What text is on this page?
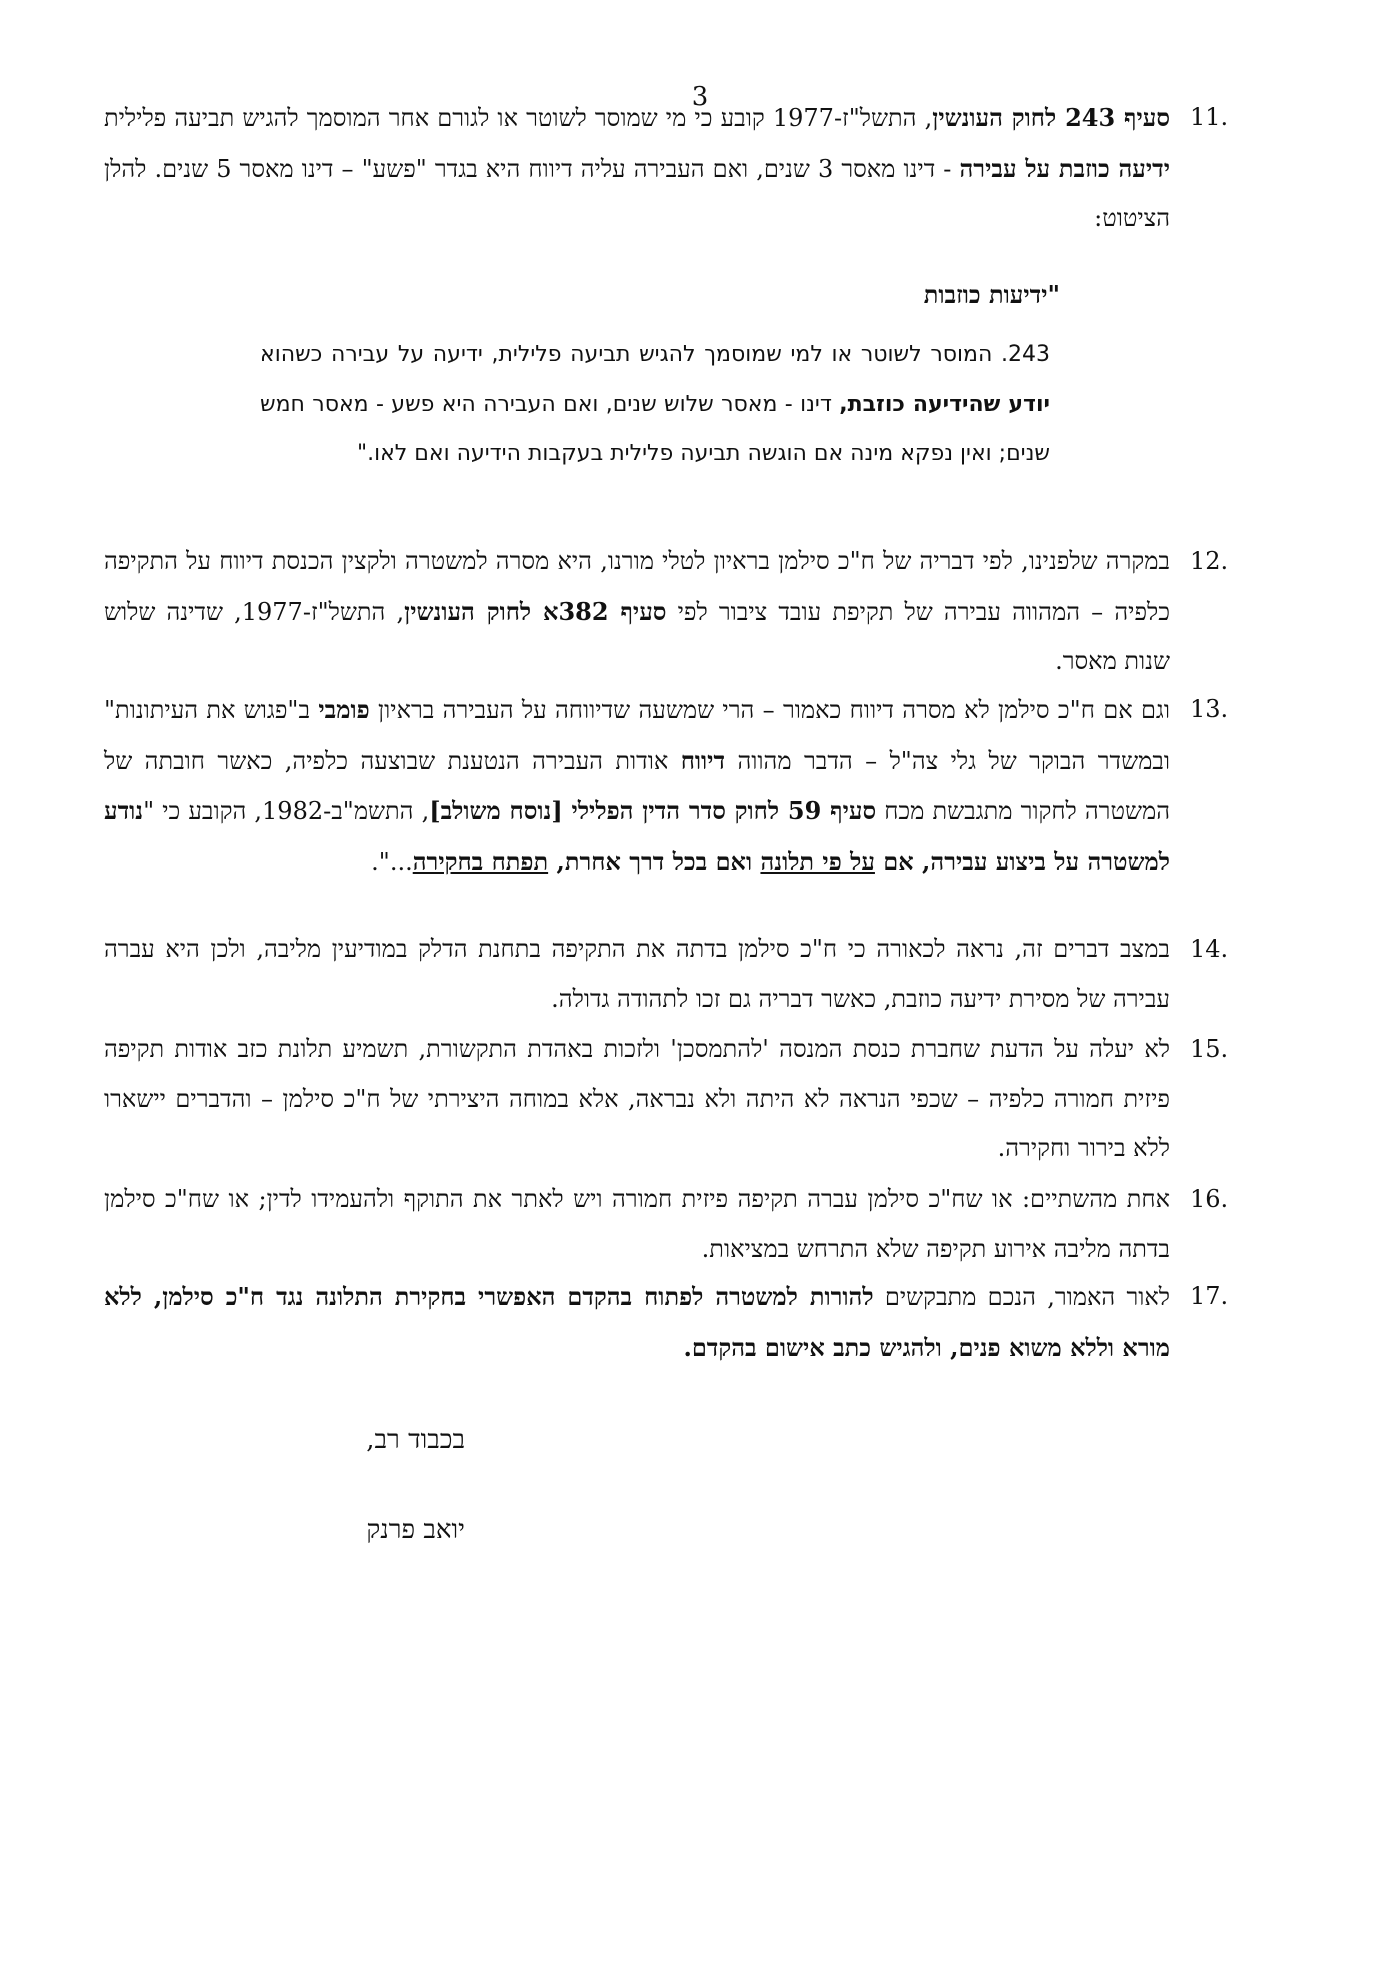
3
11.
סעיף 243 לחוק העונשין, התשל"ז-1977 קובע כי מי שמוסר לשוטר או לגורם אחר המוסמך להגיש תביעה פלילית ידיעה כוזבת על עבירה - דינו מאסר 3 שנים, ואם העבירה עליה דיווח היא בגדר "פשע" – דינו מאסר 5 שנים. להלן הציטוט:
"ידיעות כוזבות
243. המוסר לשוטר או למי שמוסמך להגיש תביעה פלילית, ידיעה על עבירה כשהוא יודע שהידיעה כוזבת, דינו - מאסר שלוש שנים, ואם העבירה היא פשע - מאסר חמש שנים; ואין נפקא מינה אם הוגשה תביעה פלילית בעקבות הידיעה ואם לאו."
12.
במקרה שלפנינו, לפי דבריה של ח"כ סילמן בראיון לטלי מורנו, היא מסרה למשטרה ולקצין הכנסת דיווח על התקיפה כלפיה – המהווה עבירה של תקיפת עובד ציבור לפי סעיף 382א לחוק העונשין, התשל"ז-1977, שדינה שלוש שנות מאסר.
13.
וגם אם ח"כ סילמן לא מסרה דיווח כאמור – הרי שמשעה שדיווחה על העבירה בראיון פומבי ב"פגוש את העיתונות" ובמשדר הבוקר של גלי צה"ל – הדבר מהווה דיווח אודות העבירה הנטענת שבוצעה כלפיה, כאשר חובתה של המשטרה לחקור מתגבשת מכח סעיף 59 לחוק סדר הדין הפלילי [נוסח משולב], התשמ"ב-1982, הקובע כי "נודע למשטרה על ביצוע עבירה, אם על פי תלונה ואם בכל דרך אחרת, תפתח בחקירה...".
14.
במצב דברים זה, נראה לכאורה כי ח"כ סילמן בדתה את התקיפה בתחנת הדלק במודיעין מליבה, ולכן היא עברה עבירה של מסירת ידיעה כוזבת, כאשר דבריה גם זכו לתהודה גדולה.
15.
לא יעלה על הדעת שחברת כנסת המנסה 'להתמסכן' ולזכות באהדת התקשורת, תשמיע תלונת כזב אודות תקיפה פיזית חמורה כלפיה – שכפי הנראה לא היתה ולא נבראה, אלא במוחה היצירתי של ח"כ סילמן – והדברים יישארו ללא בירור וחקירה.
16.
אחת מהשתיים: או שח"כ סילמן עברה תקיפה פיזית חמורה ויש לאתר את התוקף ולהעמידו לדין; או שח"כ סילמן בדתה מליבה אירוע תקיפה שלא התרחש במציאות.
17.
לאור האמור, הנכם מתבקשים להורות למשטרה לפתוח בהקדם האפשרי בחקירת התלונה נגד ח"כ סילמן, ללא מורא וללא משוא פנים, ולהגיש כתב אישום בהקדם.
בכבוד רב,
יואב פרנק
